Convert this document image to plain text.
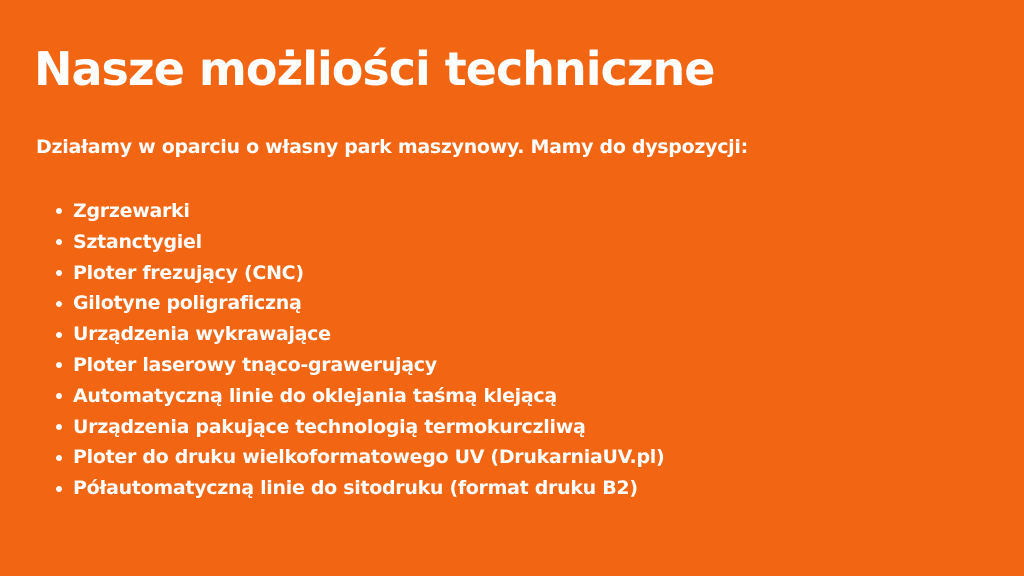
Nasze możliości techniczne

Działamy w oparciu o własny park maszynowy. Mamy do dyspozycji:

Zgrzewarki
Sztanctygiel
Ploter frezujący (CNC)
Gilotyne poligraficzną
Urządzenia wykrawające
Ploter laserowy tnąco-grawerujący
Automatyczną linie do oklejania taśmą klejącą
Urządzenia pakujące technologią termokurczliwą
Ploter do druku wielkoformatowego UV (DrukarniaUV.pl)
Półautomatyczną linie do sitodruku (format druku B2)
